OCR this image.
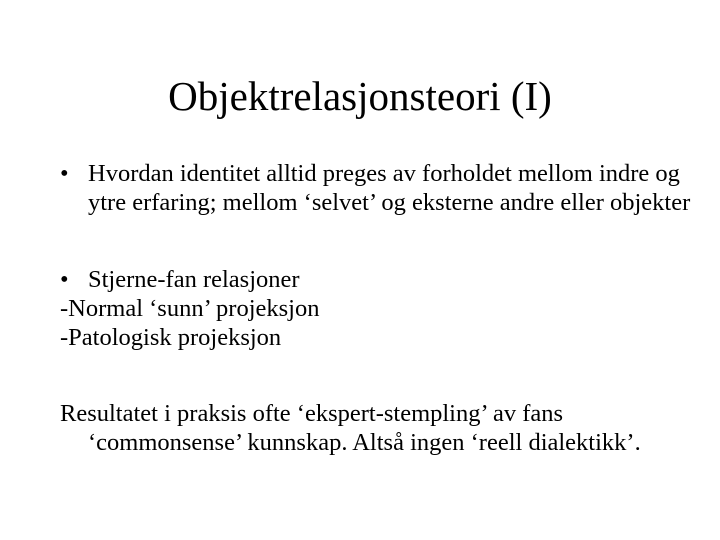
Objektrelasjonsteori (I)

• Hvordan identitet alltid preges av forholdet mellom indre og ytre erfaring; mellom ‘selvet’ og eksterne andre eller objekter

• Stjerne-fan relasjoner

-Normal ‘sunn’ projeksjon

-Patologisk projeksjon

Resultatet i praksis ofte ‘ekspert-stempling’ av fans ‘commonsense’ kunnskap. Altså ingen ‘reell dialektikk’.
